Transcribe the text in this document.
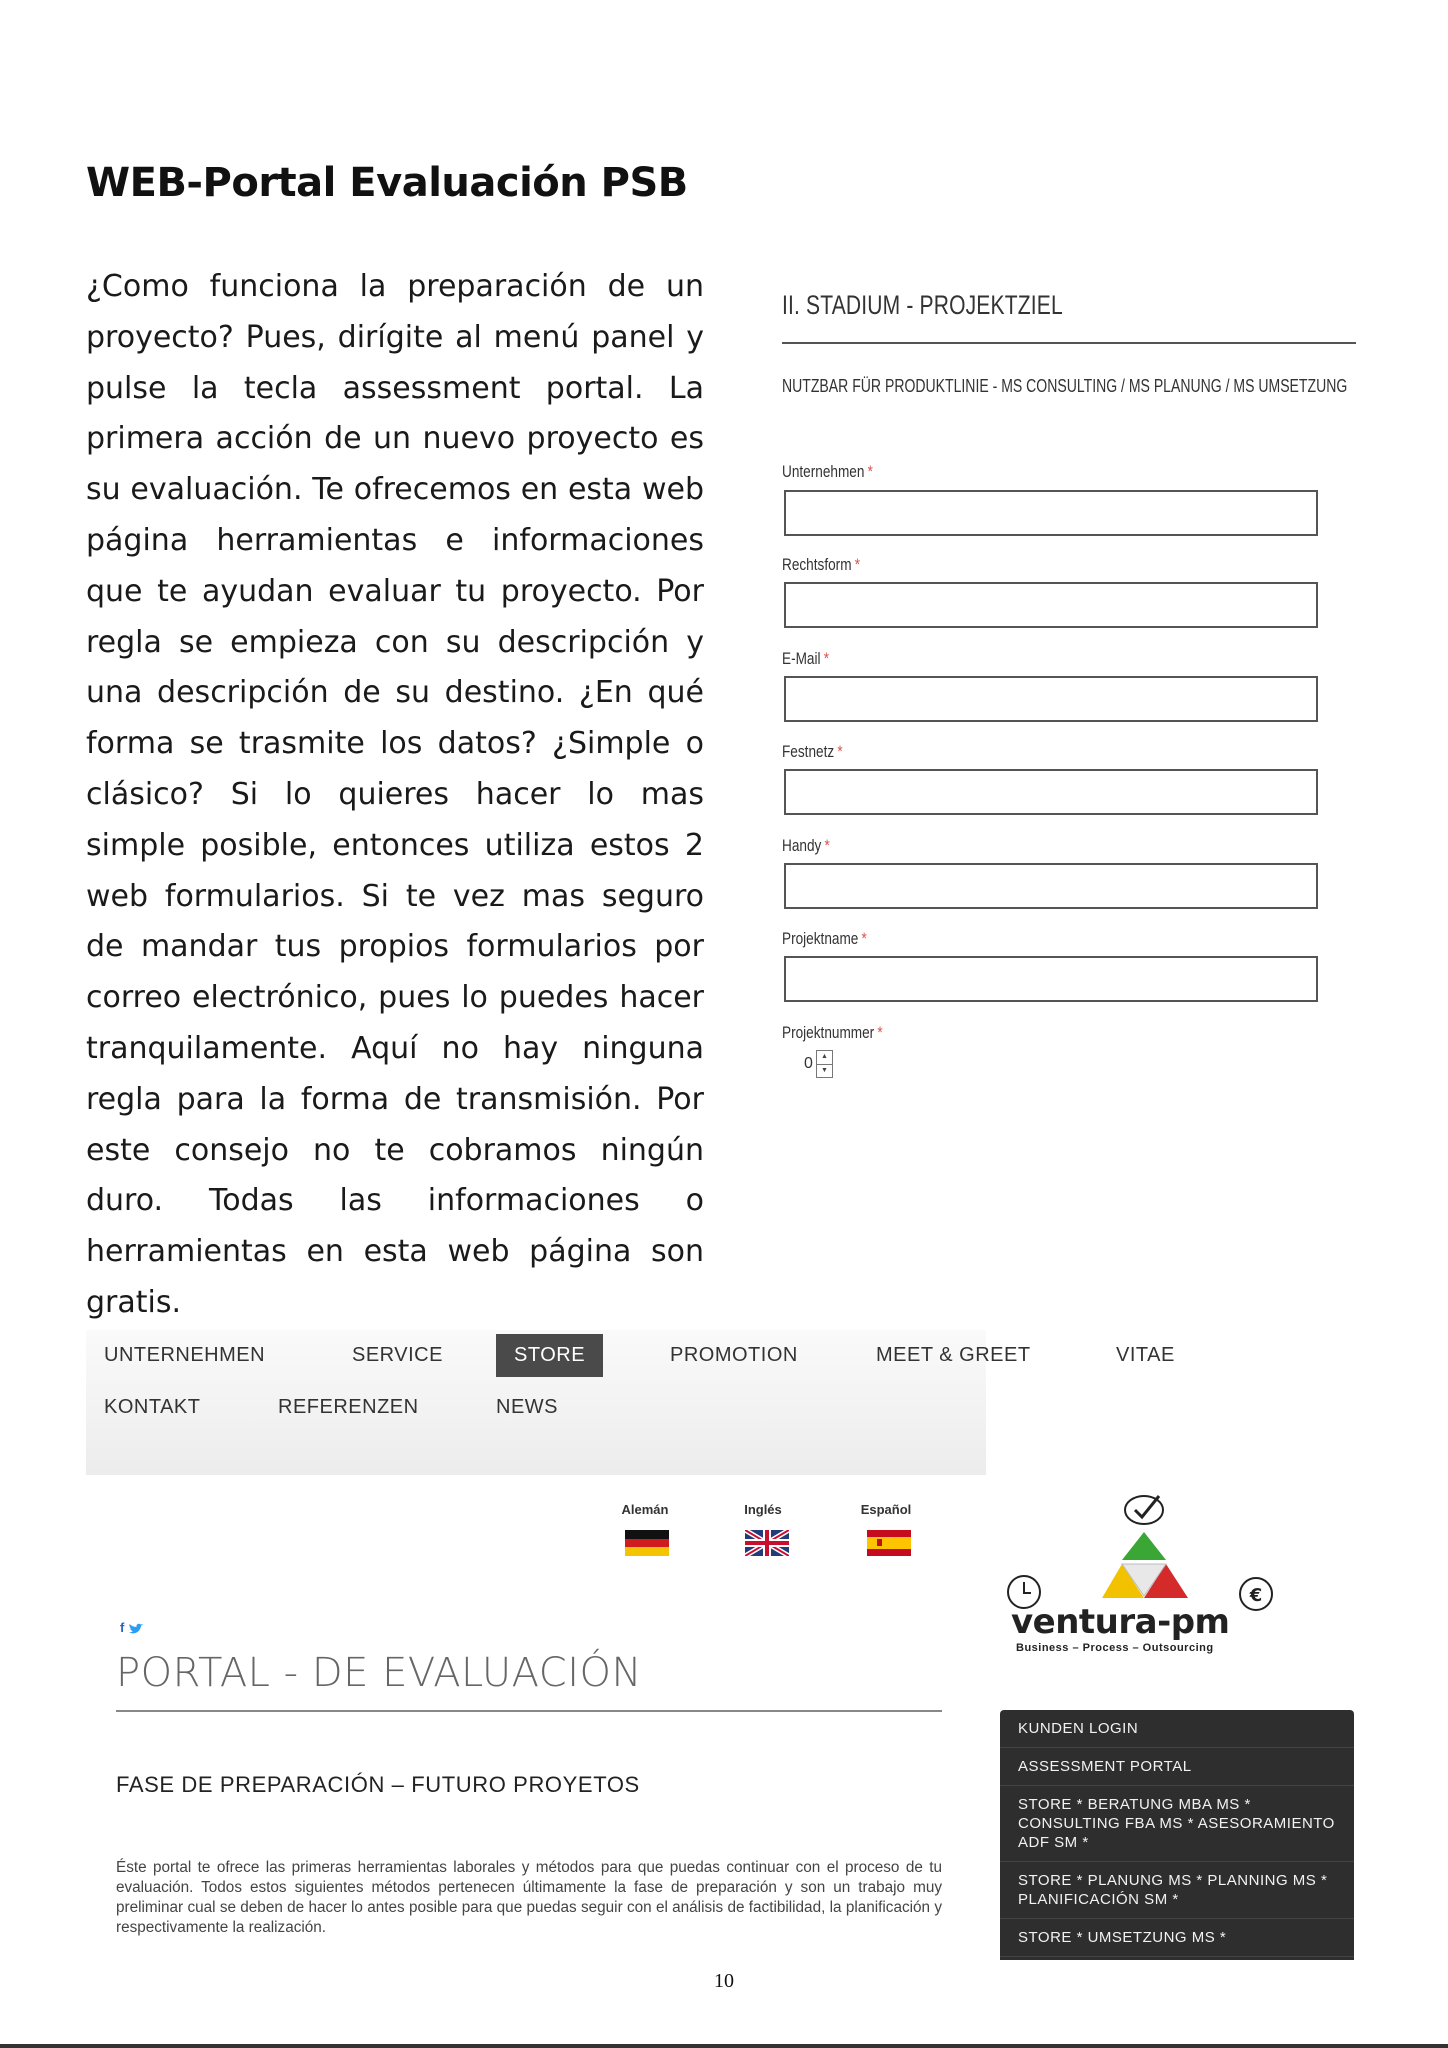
WEB-Portal Evaluación PSB

¿Como funciona la preparación de un proyecto? Pues, dirígite al menú panel y pulse la tecla assessment portal. La primera acción de un nuevo proyecto es su evaluación. Te ofrecemos en esta web página herramientas e informaciones que te ayudan evaluar tu proyecto. Por regla se empieza con su descripción y una descripción de su destino. ¿En qué forma se trasmite los datos? ¿Simple o clásico? Si lo quieres hacer lo mas simple posible, entonces utiliza estos 2 web formularios. Si te vez mas seguro de mandar tus propios formularios por correo electrónico, pues lo puedes hacer tranquilamente. Aquí no hay ninguna regla para la forma de transmisión. Por este consejo no te cobramos ningún duro. Todas las informaciones o herramientas en esta web página son gratis.

II. STADIUM - PROJEKTZIEL
NUTZBAR FÜR PRODUKTLINIE - MS CONSULTING / MS PLANUNG / MS UMSETZUNG
Unternehmen *
Rechtsform *
E-Mail *
Festnetz *
Handy *
Projektname *
Projektnummer *
0	▲
▼
UNTERNEHMEN	SERVICE	STORE	PROMOTION	MEET & GREET	VITAE
KONTAKT	REFERENZEN	NEWS
Alemán	Inglés	Español
f
PORTAL - DE EVALUACIÓN
FASE DE PREPARACIÓN – FUTURO PROYETOS

Éste portal te ofrece las primeras herramientas laborales y métodos para que puedas continuar con el proceso de tu evaluación. Todos estos siguientes métodos pertenecen últimamente la fase de preparación y son un trabajo muy preliminar cual se deben de hacer lo antes posible para que puedas seguir con el análisis de factibilidad, la planificación y respectivamente la realización.

€
ventura-pm
Business – Process – Outsourcing
KUNDEN LOGIN
ASSESSMENT PORTAL
STORE * BERATUNG MBA MS * CONSULTING FBA MS * ASESORAMIENTO ADF SM *
STORE * PLANUNG MS * PLANNING MS * PLANIFICACIÓN SM *
STORE * UMSETZUNG MS *
10
